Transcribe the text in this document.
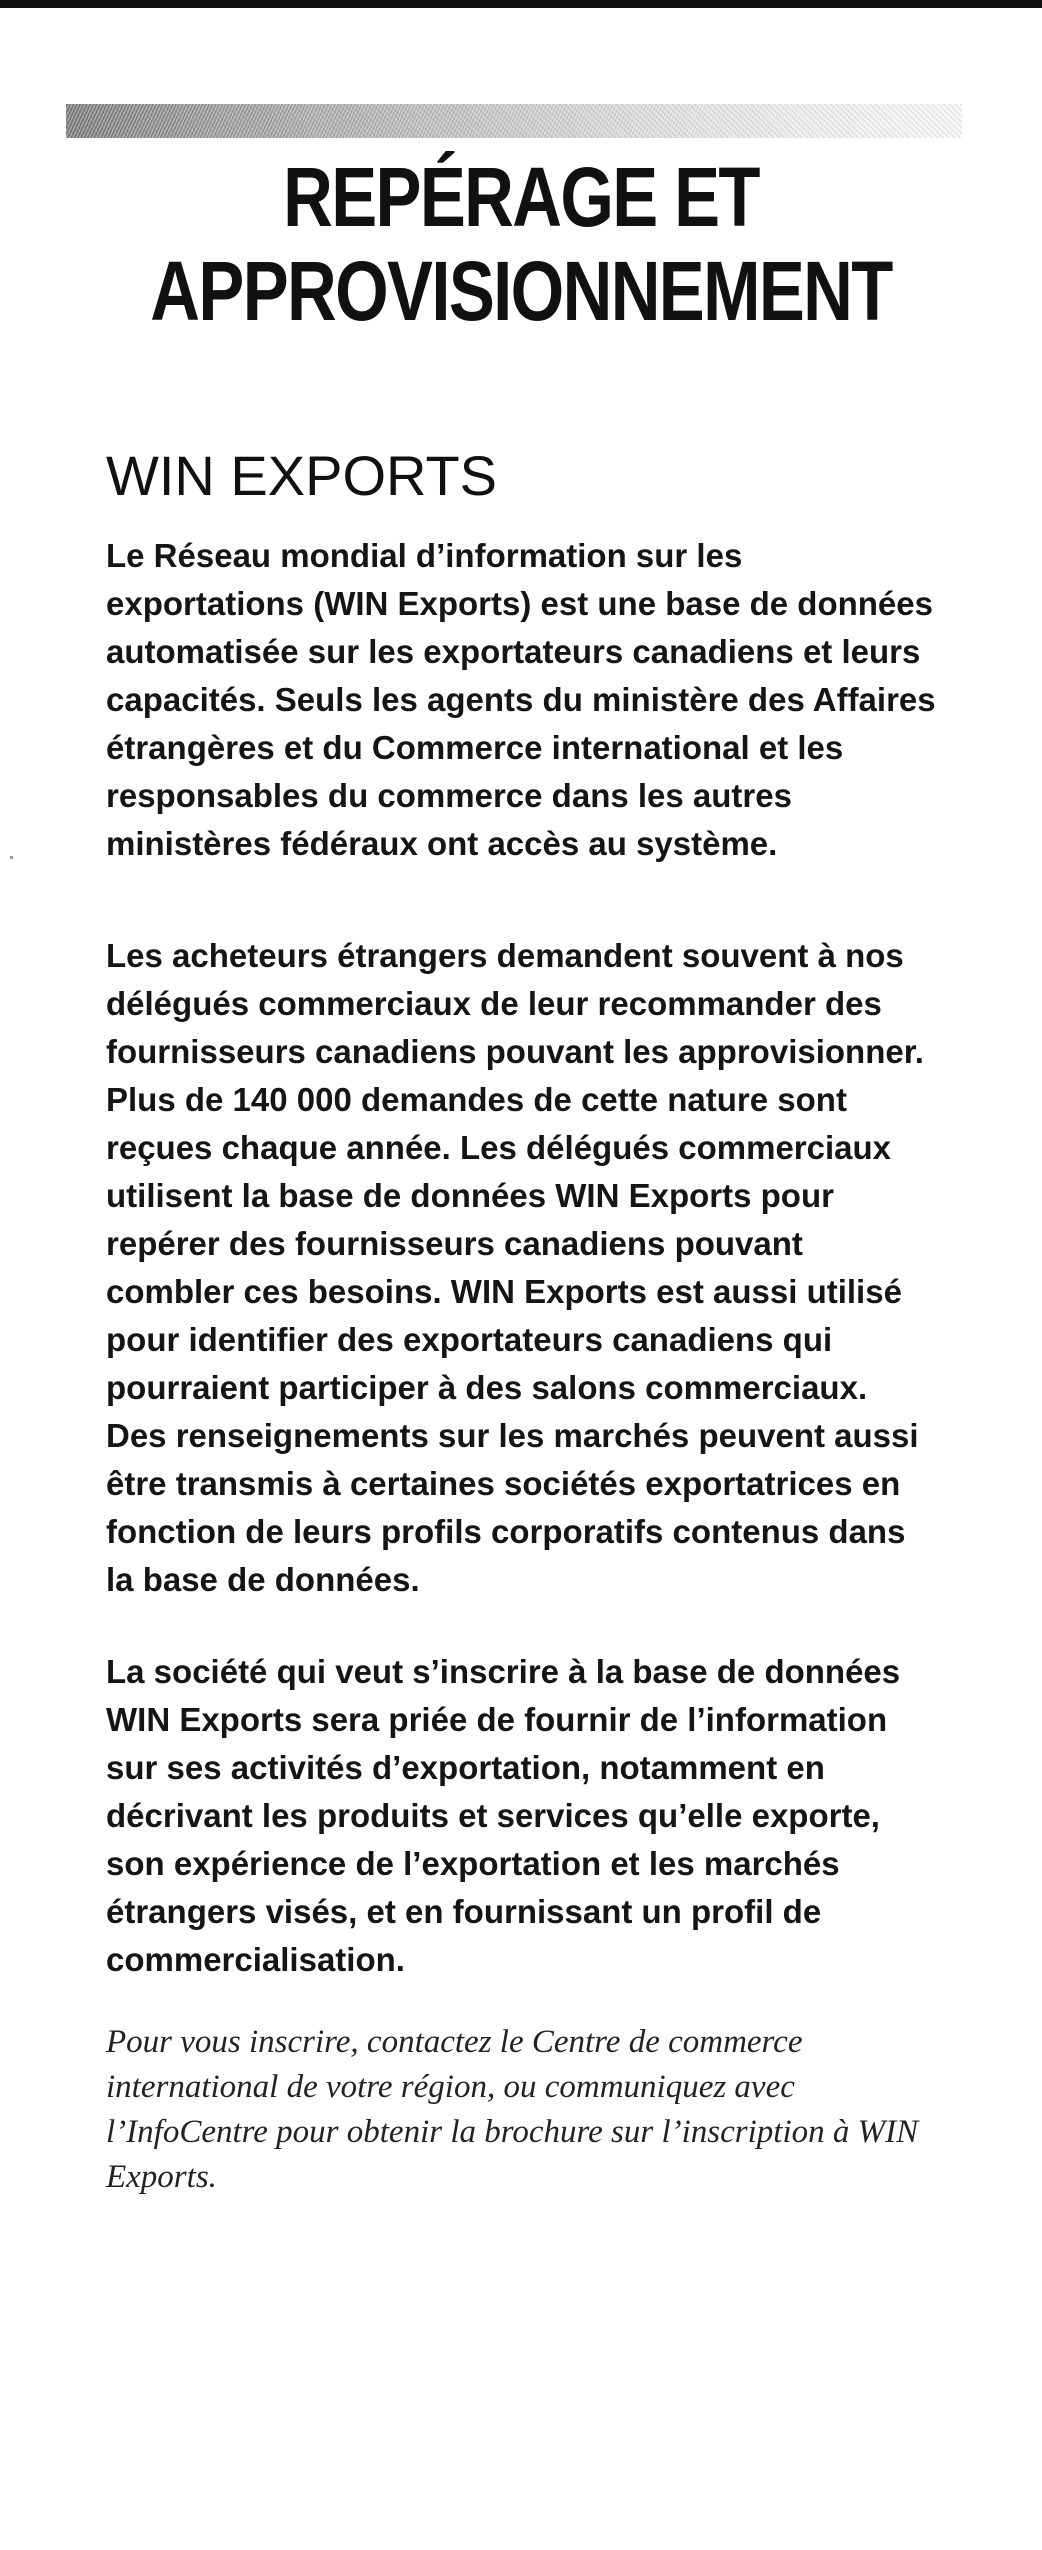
REPÉRAGE ET
APPROVISIONNEMENT
WIN EXPORTS

Le Réseau mondial d’information sur les exportations (WIN Exports) est une base de données automatisée sur les exportateurs canadiens et leurs capacités. Seuls les agents du ministère des Affaires étrangères et du Commerce international et les responsables du commerce dans les autres ministères fédéraux ont accès au système.

Les acheteurs étrangers demandent souvent à nos délégués commerciaux de leur recommander des fournisseurs canadiens pouvant les approvisionner. Plus de 140 000 demandes de cette nature sont reçues chaque année. Les délégués commerciaux utilisent la base de données WIN Exports pour repérer des fournisseurs canadiens pouvant combler ces besoins. WIN Exports est aussi utilisé pour identifier des exportateurs canadiens qui pourraient participer à des salons commerciaux. Des renseignements sur les marchés peuvent aussi être transmis à certaines sociétés exportatrices en fonction de leurs profils corporatifs contenus dans la base de données.

La société qui veut s’inscrire à la base de données WIN Exports sera priée de fournir de l’information sur ses activités d’exportation, notamment en décrivant les produits et services qu’elle exporte, son expérience de l’exportation et les marchés étrangers visés, et en fournissant un profil de commercialisation.

Pour vous inscrire, contactez le Centre de commerce international de votre région, ou communiquez avec l’InfoCentre pour obtenir la brochure sur l’inscription à WIN Exports.
